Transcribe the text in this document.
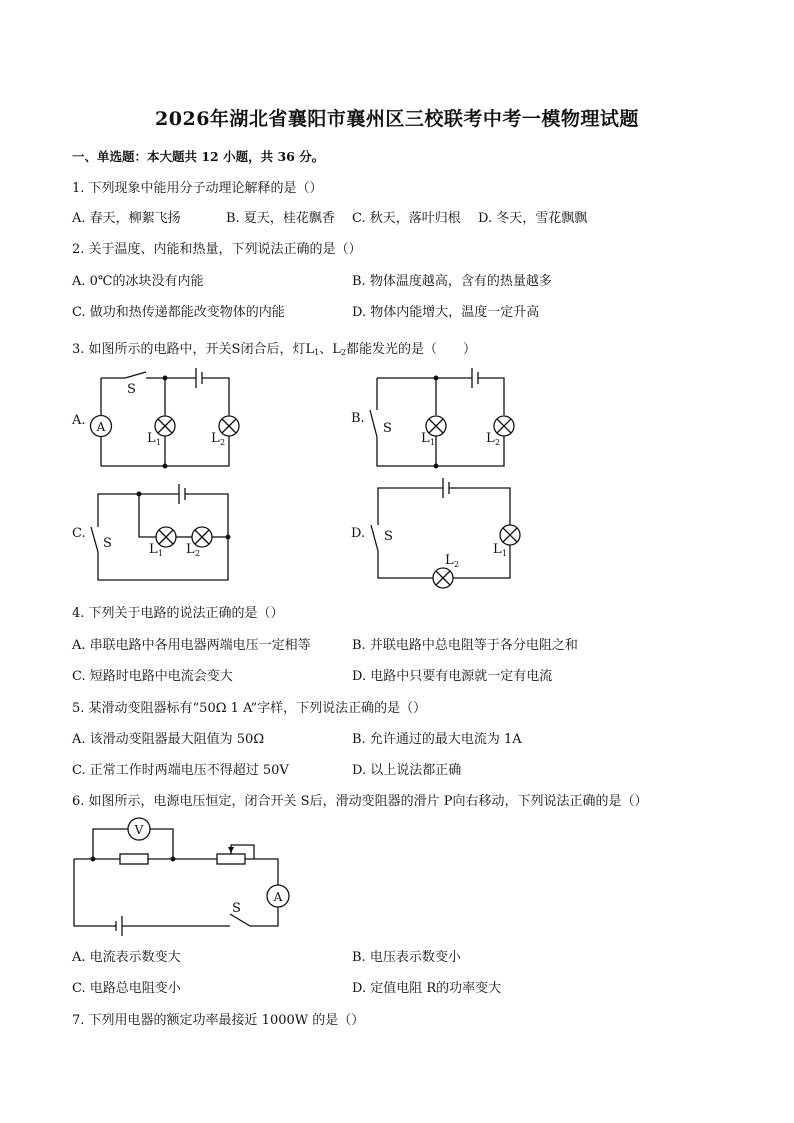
2026年湖北省襄阳市襄州区三校联考中考一模物理试题
一、单选题：本大题共 12 小题，共 36 分。
1. 下列现象中能用分子动理论解释的是（）
A. 春天，柳絮飞扬	B. 夏天，桂花飘香 C. 秋天，落叶归根 D. 冬天，雪花飘飘
2. 关于温度、内能和热量，下列说法正确的是（）
A. 0℃的冰块没有内能	B. 物体温度越高，含有的热量越多
C. 做功和热传递都能改变物体的内能	D. 物体内能增大，温度一定升高
3. 如图所示的电路中，开关S闭合后，灯$L_1$、$L_2$都能发光的是（　　）
A.
S
A
L 1	L 2
B.
S
L 1	L 2
C.
S	L 1 L 2
D. S
L 2
L 1
4. 下列关于电路的说法正确的是（）
A. 串联电路中各用电器两端电压一定相等	B. 并联电路中总电阻等于各分电阻之和
C. 短路时电路中电流会变大	D. 电路中只要有电源就一定有电流
5. 某滑动变阻器标有“50Ω 1 A”字样，下列说法正确的是（）
A. 该滑动变阻器最大阻值为 50Ω	B. 允许通过的最大电流为 1A
C. 正常工作时两端电压不得超过 50V	D. 以上说法都正确
6. 如图所示，电源电压恒定，闭合开关 S后，滑动变阻器的滑片 P向右移动，下列说法正确的是（）
V
A
S
A. 电流表示数变大	B. 电压表示数变小
C. 电路总电阻变小	D. 定值电阻 R的功率变大
7. 下列用电器的额定功率最接近 1000W 的是（）
